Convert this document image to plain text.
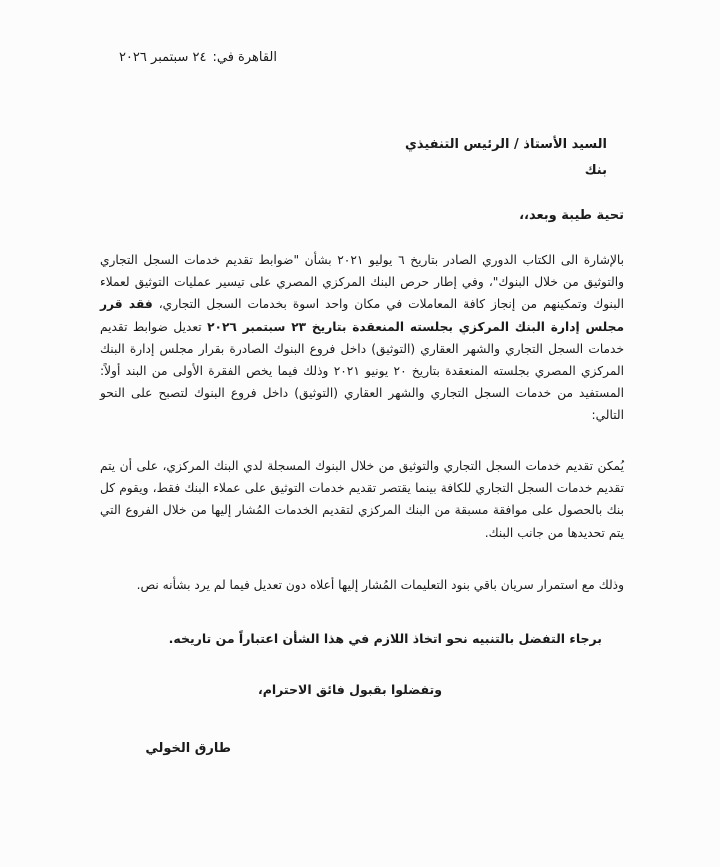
القاهرة في:٢٤ سبتمبر ٢٠٢٦
السيد الأستاذ / الرئيس التنفيذي
بنك
تحية طيبة وبعد،،
بالإشارة الى الكتاب الدوري الصادر بتاريخ ٦ يوليو ٢٠٢١ بشأن "ضوابط تقديم خدمات السجل التجاري والتوثيق من خلال البنوك"، وفي إطار حرص البنك المركزي المصري على تيسير عمليات التوثيق لعملاء البنوك وتمكينهم من إنجاز كافة المعاملات في مكان واحد اسوة بخدمات السجل التجاري، فقد قرر مجلس إدارة البنك المركزي بجلسته المنعقدة بتاريخ ٢٣ سبتمبر ٢٠٢٦ تعديل ضوابط تقديم خدمات السجل التجاري والشهر العقاري (التوثيق) داخل فروع البنوك الصادرة بقرار مجلس إدارة البنك المركزي المصري بجلسته المنعقدة بتاريخ ٢٠ يونيو ٢٠٢١ وذلك فيما يخص الفقرة الأولى من البند أولاً: المستفيد من خدمات السجل التجاري والشهر العقاري (التوثيق) داخل فروع البنوك لتصبح على النحو التالي:
يُمكن تقديم خدمات السجل التجاري والتوثيق من خلال البنوك المسجلة لدي البنك المركزي، على أن يتم تقديم خدمات السجل التجاري للكافة بينما يقتصر تقديم خدمات التوثيق على عملاء البنك فقط، ويقوم كل بنك بالحصول على موافقة مسبقة من البنك المركزي لتقديم الخدمات المُشار إليها من خلال الفروع التي يتم تحديدها من جانب البنك.
وذلك مع استمرار سريان باقي بنود التعليمات المُشار إليها أعلاه دون تعديل فيما لم يرد بشأنه نص.
برجاء التفضل بالتنبيه نحو اتخاذ اللازم في هذا الشأن اعتباراً من تاريخه.
وتفضلوا بقبول فائق الاحترام،
طارق الخولي
